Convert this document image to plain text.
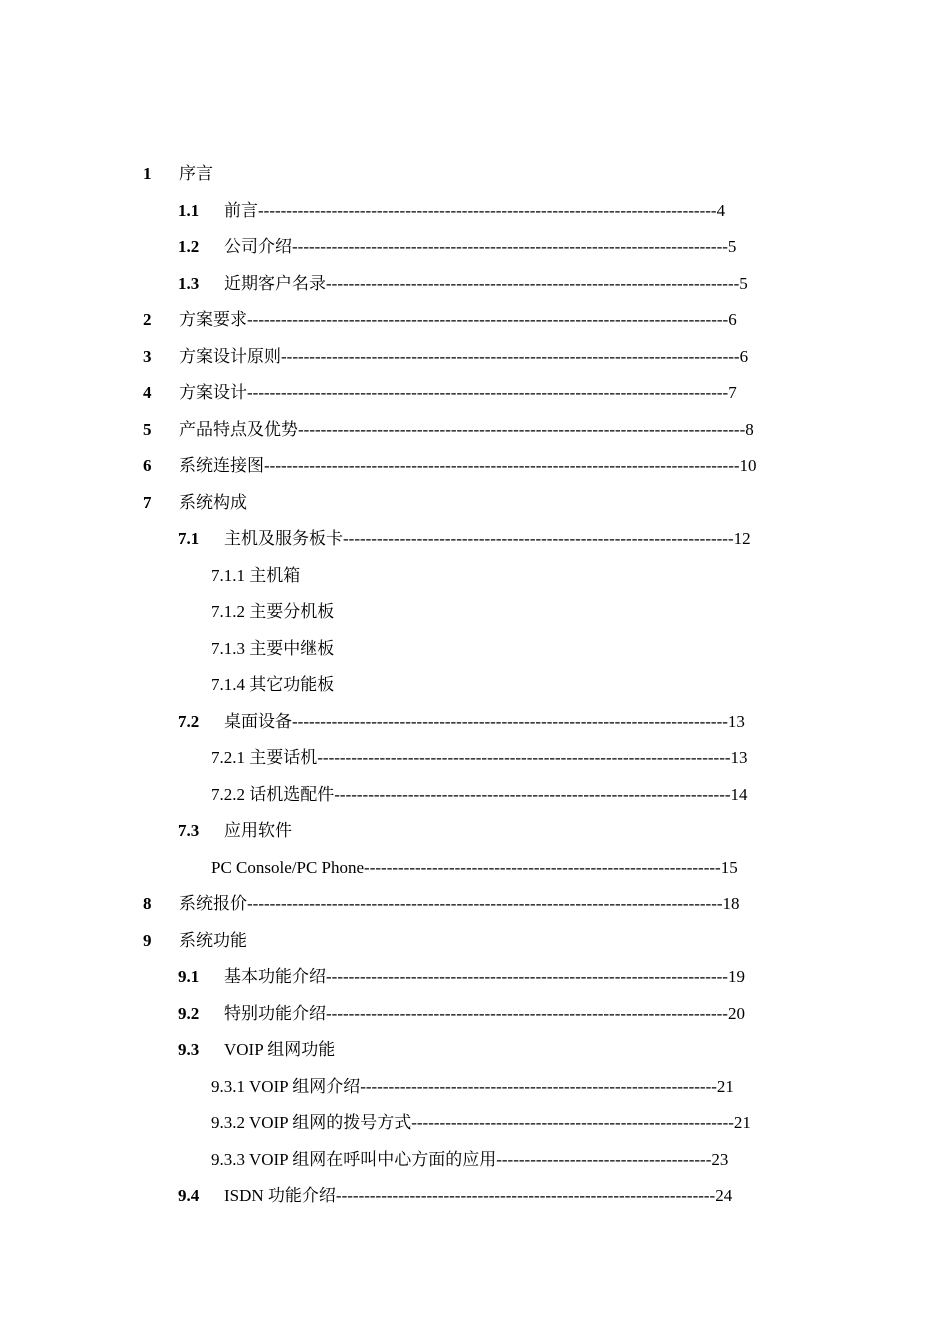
1 序言
1.1 前言---------------------------------------------------------------------------------4
1.2 公司介绍-----------------------------------------------------------------------------5
1.3 近期客户名录-------------------------------------------------------------------------5
2 方案要求-------------------------------------------------------------------------------------6
3 方案设计原则---------------------------------------------------------------------------------6
4 方案设计-------------------------------------------------------------------------------------7
5 产品特点及优势-------------------------------------------------------------------------------8
6 系统连接图------------------------------------------------------------------------------------10
7 系统构成
7.1 主机及服务板卡---------------------------------------------------------------------12
7.1.1 主机箱
7.1.2 主要分机板
7.1.3 主要中继板
7.1.4 其它功能板
7.2 桌面设备-----------------------------------------------------------------------------13
7.2.1 主要话机-------------------------------------------------------------------------13
7.2.2 话机选配件----------------------------------------------------------------------14
7.3 应用软件
PC Console/PC Phone---------------------------------------------------------------15
8 系统报价------------------------------------------------------------------------------------18
9 系统功能
9.1 基本功能介绍-----------------------------------------------------------------------19
9.2 特别功能介绍-----------------------------------------------------------------------20
9.3 VOIP 组网功能
9.3.1 VOIP 组网介绍---------------------------------------------------------------21
9.3.2 VOIP 组网的拨号方式---------------------------------------------------------21
9.3.3 VOIP 组网在呼叫中心方面的应用--------------------------------------23
9.4 ISDN 功能介绍-------------------------------------------------------------------24
